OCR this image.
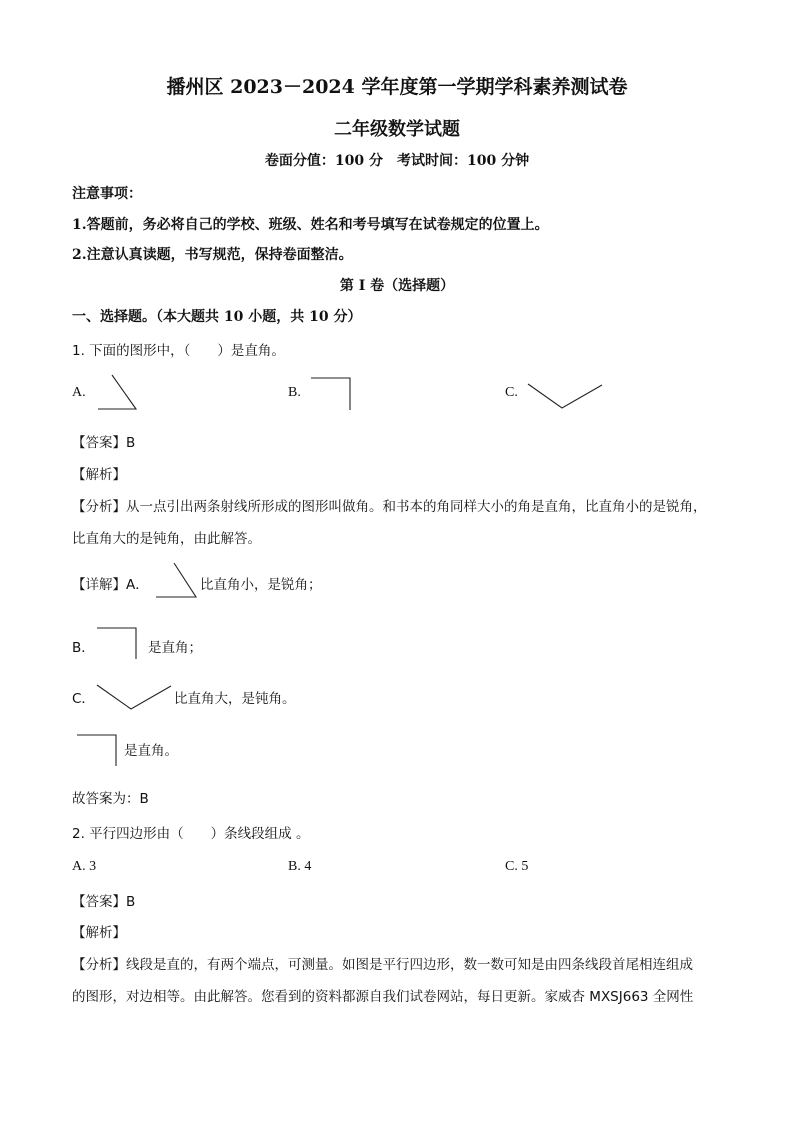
播州区 2023－2024 学年度第一学期学科素养测试卷
二年级数学试题
卷面分值：100 分　考试时间：100 分钟
注意事项：
1.答题前，务必将自己的学校、班级、姓名和考号填写在试卷规定的位置上。
2.注意认真读题，书写规范，保持卷面整洁。
第 I 卷（选择题）
一、选择题。（本大题共 10 小题，共 10 分）
1. 下面的图形中，（　　）是直角。
A.	B.	C.
【答案】B
【解析】
【分析】从一点引出两条射线所形成的图形叫做角。和书本的角同样大小的角是直角，比直角小的是锐角，
比直角大的是钝角，由此解答。
【详解】A．	比直角小，是锐角；
B．	是直角；
C．	比直角大，是钝角。
是直角。
故答案为：B
2. 平行四边形由（　　）条线段组成 。
A. 3	B. 4	C. 5
【答案】B
【解析】
【分析】线段是直的，有两个端点，可测量。如图是平行四边形，数一数可知是由四条线段首尾相连组成
的图形，对边相等。由此解答。您看到的资料都源自我们试卷网站，每日更新。家威杏 MXSJ663 全网性
